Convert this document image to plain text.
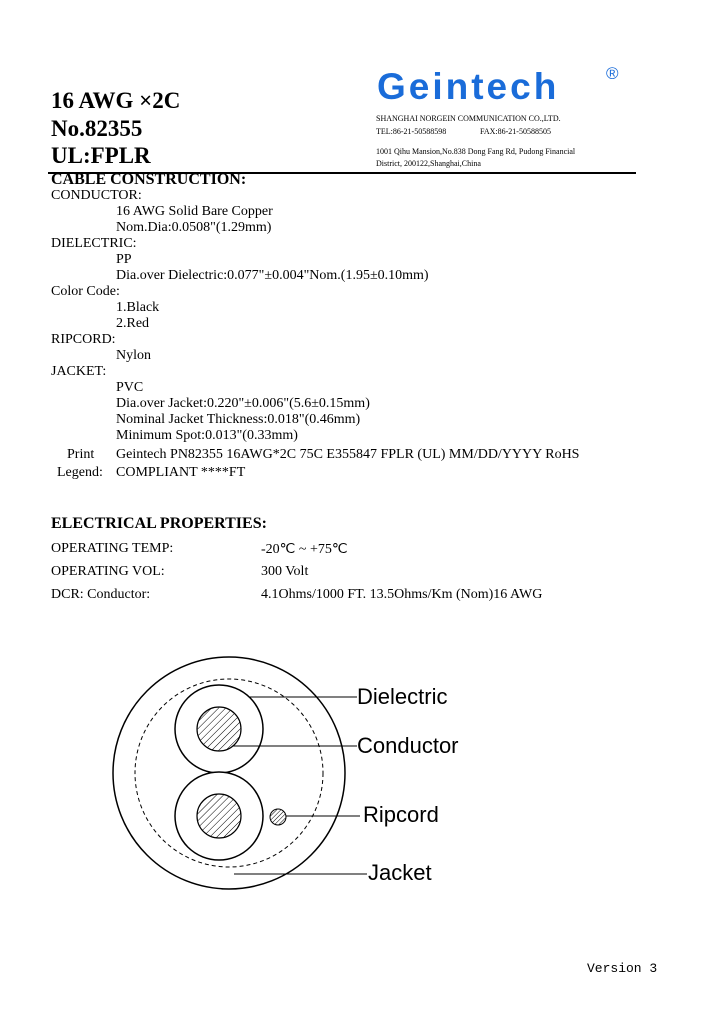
16 AWG ×2C
No.82355
UL:FPLR
Geintech	®
SHANGHAI NORGEIN COMMUNICATION CO.,LTD.
TEL:86-21-50588598	FAX:86-21-50588505
1001 Qihu Mansion,No.838 Dong Fang Rd, Pudong Financial
District, 200122,Shanghai,China
CABLE CONSTRUCTION:
CONDUCTOR:
16 AWG Solid Bare Copper
Nom.Dia:0.0508"(1.29mm)
DIELECTRIC:
PP
Dia.over Dielectric:0.077"±0.004"Nom.(1.95±0.10mm)
Color Code:
1.Black
2.Red
RIPCORD:
Nylon
JACKET:
PVC
Dia.over Jacket:0.220"±0.006"(5.6±0.15mm)
Nominal Jacket Thickness:0.018"(0.46mm)
Minimum Spot:0.013"(0.33mm)
Print Geintech PN82355 16AWG*2C 75C E355847 FPLR (UL) MM/DD/YYYY RoHS
Legend: COMPLIANT ****FT
ELECTRICAL PROPERTIES:
OPERATING TEMP:	-20℃ ~ +75℃
OPERATING VOL:	300 Volt
DCR: Conductor:	4.1Ohms/1000 FT. 13.5Ohms/Km (Nom)16 AWG
Dielectric
Conductor
Ripcord
Jacket
Version 3
